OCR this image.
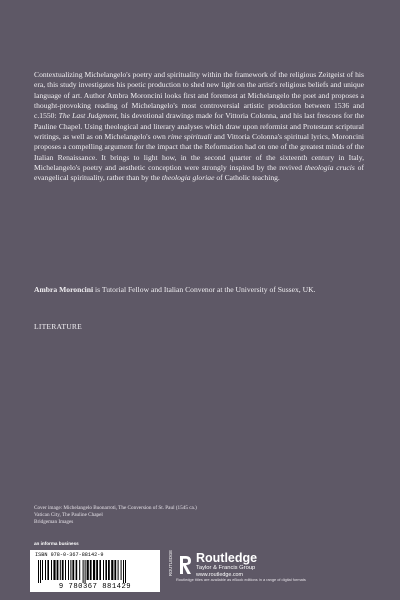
Contextualizing Michelangelo's poetry and spirituality within the framework of the religious Zeitgeist of his era, this study investigates his poetic production to shed new light on the artist's religious beliefs and unique language of art. Author Ambra Moroncini looks first and foremost at Michelangelo the poet and proposes a thought-provoking reading of Michelangelo's most controversial artistic production between 1536 and c.1550: The Last Judgment, his devotional drawings made for Vittoria Colonna, and his last frescoes for the Pauline Chapel. Using theological and literary analyses which draw upon reformist and Protestant scriptural writings, as well as on Michelangelo's own rime spirituali and Vittoria Colonna's spiritual lyrics, Moroncini proposes a compelling argument for the impact that the Reformation had on one of the greatest minds of the Italian Renaissance. It brings to light how, in the second quarter of the sixteenth century in Italy, Michelangelo's poetry and aesthetic conception were strongly inspired by the revived theologia crucis of evangelical spirituality, rather than by the theologia gloriae of Catholic teaching.

Ambra Moroncini is Tutorial Fellow and Italian Convenor at the University of Sussex, UK.

LITERATURE

Cover image: Michelangelo Buonarroti, The Conversion of St. Paul (1545 ca.)
Vatican City, The Pauline Chapel
Bridgeman Images
an informa business
ISBN 978-0-367-88142-9
9 780367 881429
ROUTLEDGE Routledge
Taylor & Francis Group
www.routledge.com
Routledge titles are available as eBook editions in a range of digital formats
